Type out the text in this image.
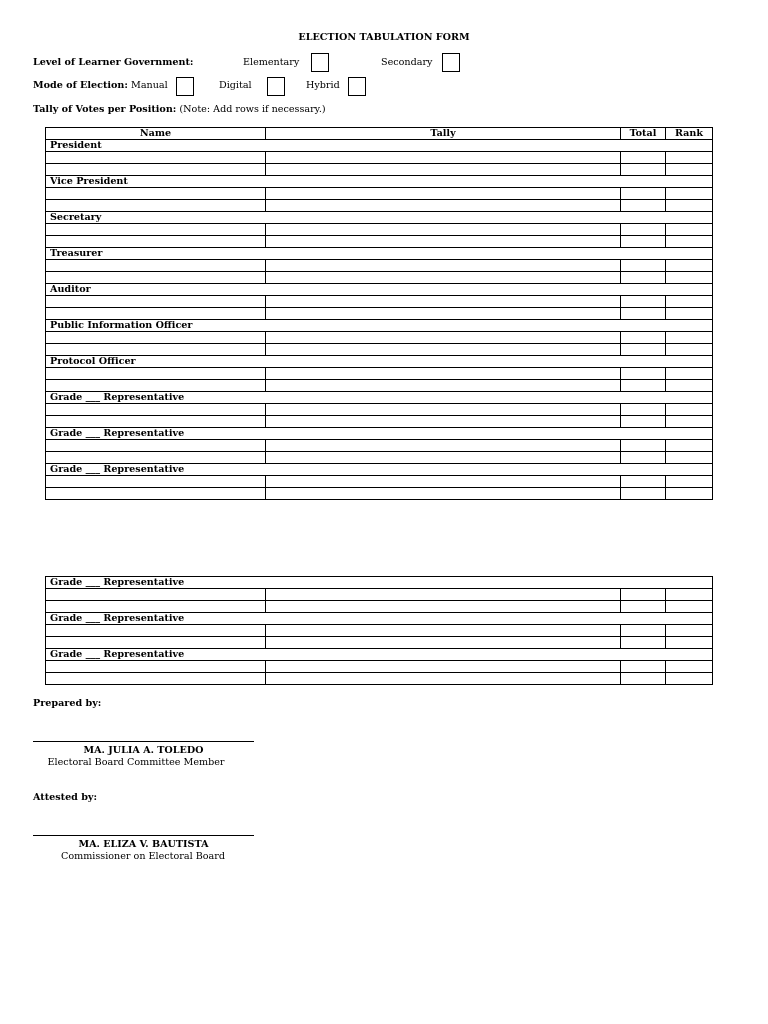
ELECTION TABULATION FORM
Level of Learner Government:	Elementary	Secondary
Mode of Election: Manual	Digital	Hybrid
Tally of Votes per Position: (Note: Add rows if necessary.)
Name	Tally	Total	Rank
President			

Vice President			

Secretary			

Treasurer			

Auditor			

Public Information Officer			

Protocol Officer			

Grade ___ Representative			

Grade ___ Representative			

Grade ___ Representative			

Grade ___ Representative			

Grade ___ Representative			

Grade ___ Representative			

Prepared by:
MA. JULIA A. TOLEDO
Electoral Board Committee Member
Attested by:
MA. ELIZA V. BAUTISTA
Commissioner on Electoral Board
